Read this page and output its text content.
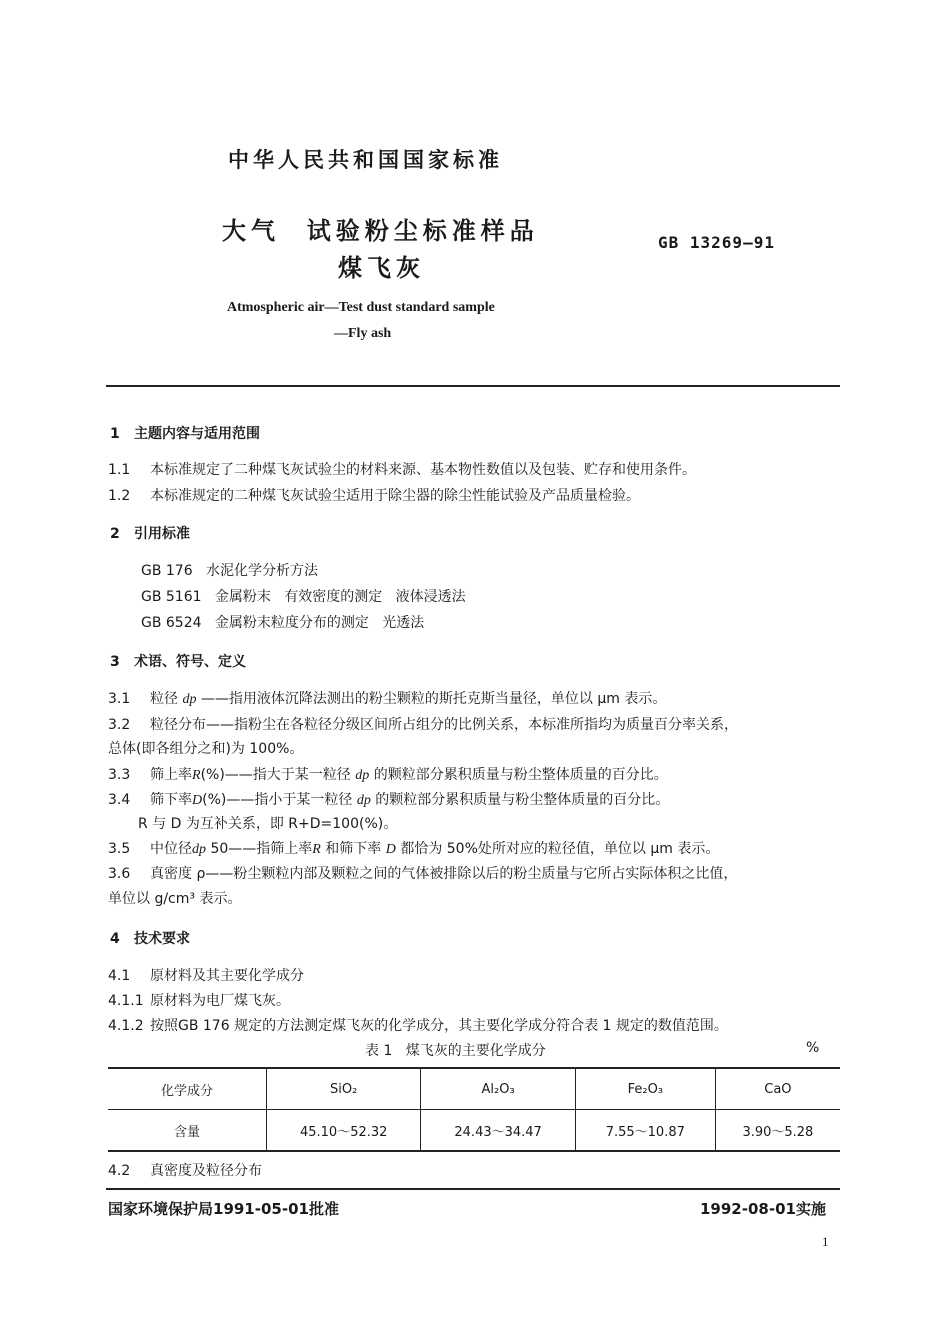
中华人民共和国国家标准
大气  试验粉尘标准样品
煤飞灰
GB 13269—91
Atmospheric air—Test dust standard sample
—Fly ash
1 主题内容与适用范围
1.1 本标准规定了二种煤飞灰试验尘的材料来源、基本物性数值以及包装、贮存和使用条件。
1.2 本标准规定的二种煤飞灰试验尘适用于除尘器的除尘性能试验及产品质量检验。
2 引用标准
GB 176   水泥化学分析方法
GB 5161   金属粉末   有效密度的测定   液体浸透法
GB 6524   金属粉末粒度分布的测定   光透法
3 术语、符号、定义
3.1 粒径 dp ——指用液体沉降法测出的粉尘颗粒的斯托克斯当量径，单位以 μm 表示。
3.2 粒径分布——指粉尘在各粒径分级区间所占组分的比例关系，本标准所指均为质量百分率关系，
总体(即各组分之和)为 100%。
3.3 筛上率R(%)——指大于某一粒径 dp 的颗粒部分累积质量与粉尘整体质量的百分比。
3.4 筛下率D(%)——指小于某一粒径 dp 的颗粒部分累积质量与粉尘整体质量的百分比。
R 与 D 为互补关系，即 R+D=100(%)。
3.5 中位径dp 50——指筛上率R 和筛下率 D 都恰为 50%处所对应的粒径值，单位以 μm 表示。
3.6 真密度 ρ——粉尘颗粒内部及颗粒之间的气体被排除以后的粉尘质量与它所占实际体积之比值，
单位以 g/cm³ 表示。
4 技术要求
4.1 原材料及其主要化学成分
4.1.1 原材料为电厂煤飞灰。
4.1.2 按照GB 176 规定的方法测定煤飞灰的化学成分，其主要化学成分符合表 1 规定的数值范围。
表 1   煤飞灰的主要化学成分	%
化学成分	SiO₂	Al₂O₃	Fe₂O₃	CaO
含量	45.10～52.32	24.43～34.47	7.55～10.87	3.90～5.28
4.2 真密度及粒径分布
国家环境保护局1991-05-01批准	1992-08-01实施
1
